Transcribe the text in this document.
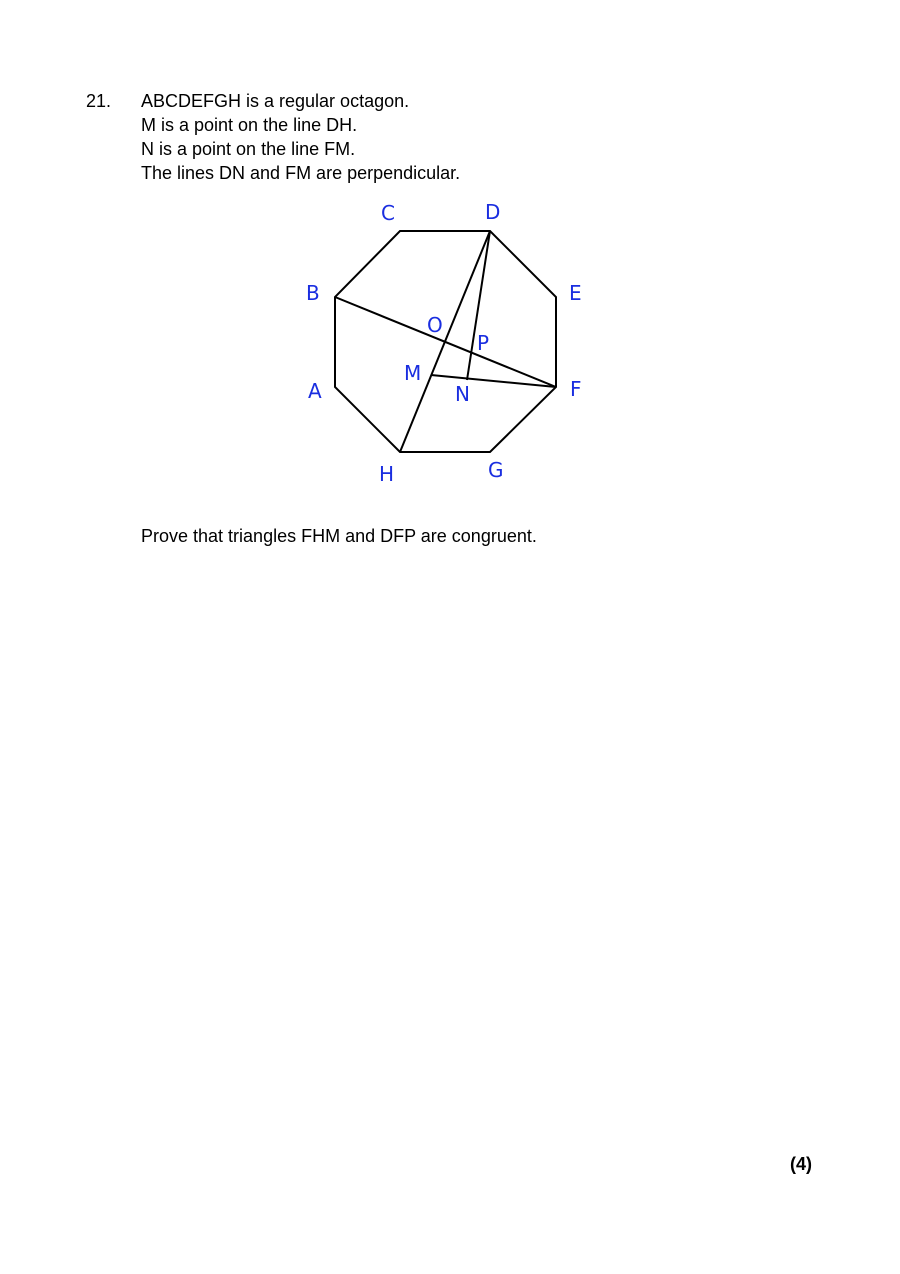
21. ABCDEFGH is a regular octagon.
M is a point on the line DH.
N is a point on the line FM.
The lines DN and FM are perpendicular.
C	D
B	E
O
P
M
A	N	F
H	G
Prove that triangles FHM and DFP are congruent.
(4)
